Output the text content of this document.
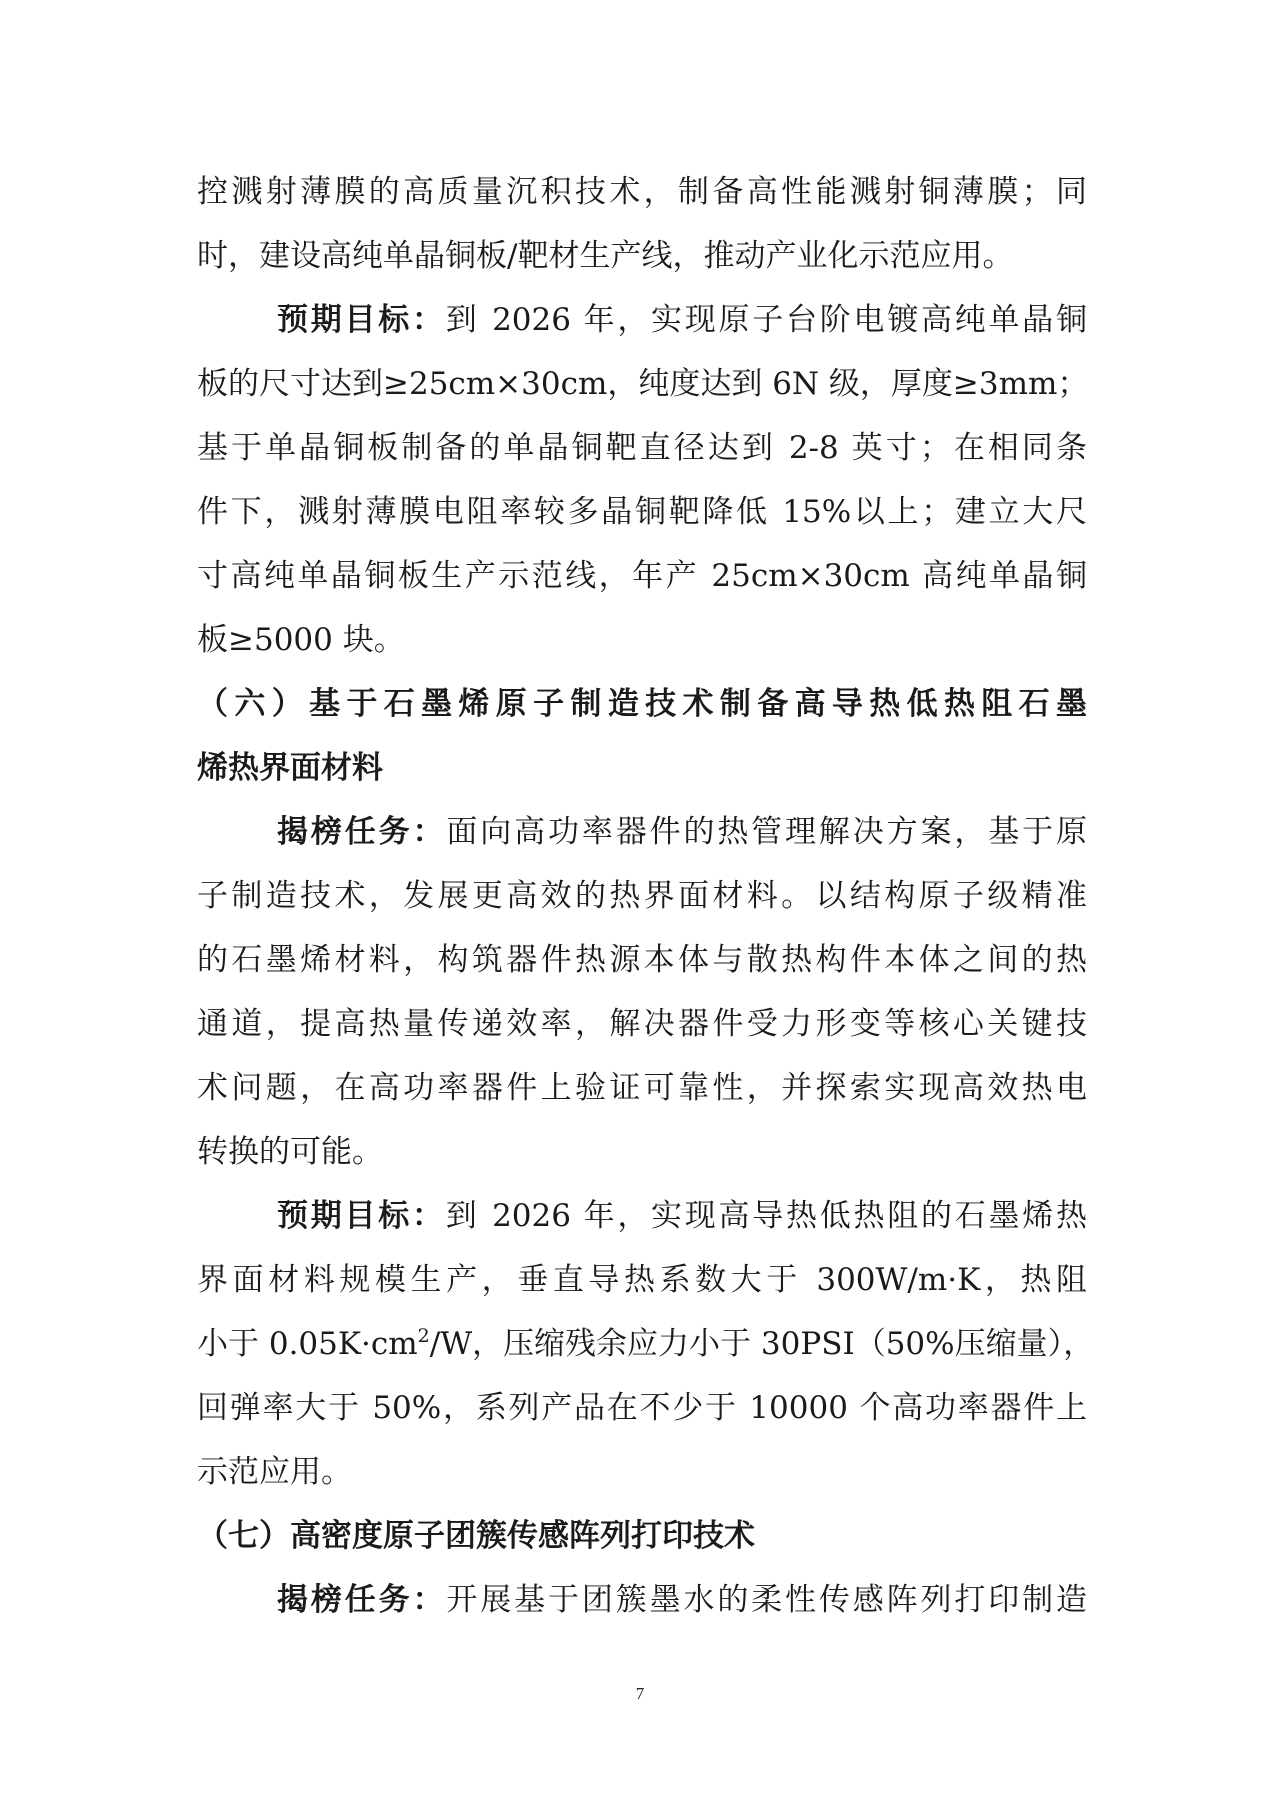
控溅射薄膜的高质量沉积技术，制备高性能溅射铜薄膜；同
时，建设高纯单晶铜板/靶材生产线，推动产业化示范应用。
预期目标：到 2026 年，实现原子台阶电镀高纯单晶铜
板的尺寸达到≥25cm×30cm，纯度达到 6N 级，厚度≥3mm；
基于单晶铜板制备的单晶铜靶直径达到 2-8 英寸；在相同条
件下，溅射薄膜电阻率较多晶铜靶降低 15%以上；建立大尺
寸高纯单晶铜板生产示范线，年产 25cm×30cm 高纯单晶铜
板≥5000 块。
（六）基于石墨烯原子制造技术制备高导热低热阻石墨
烯热界面材料
揭榜任务：面向高功率器件的热管理解决方案，基于原
子制造技术，发展更高效的热界面材料。以结构原子级精准
的石墨烯材料，构筑器件热源本体与散热构件本体之间的热
通道，提高热量传递效率，解决器件受力形变等核心关键技
术问题，在高功率器件上验证可靠性，并探索实现高效热电
转换的可能。
预期目标：到 2026 年，实现高导热低热阻的石墨烯热
界面材料规模生产，垂直导热系数大于 300W/m·K，热阻
小于 $0.05K\cdot cm^2/W$，压缩残余应力小于 30PSI（50%压缩量），
回弹率大于 50%，系列产品在不少于 10000 个高功率器件上
示范应用。
（七）高密度原子团簇传感阵列打印技术
揭榜任务：开展基于团簇墨水的柔性传感阵列打印制造
7
